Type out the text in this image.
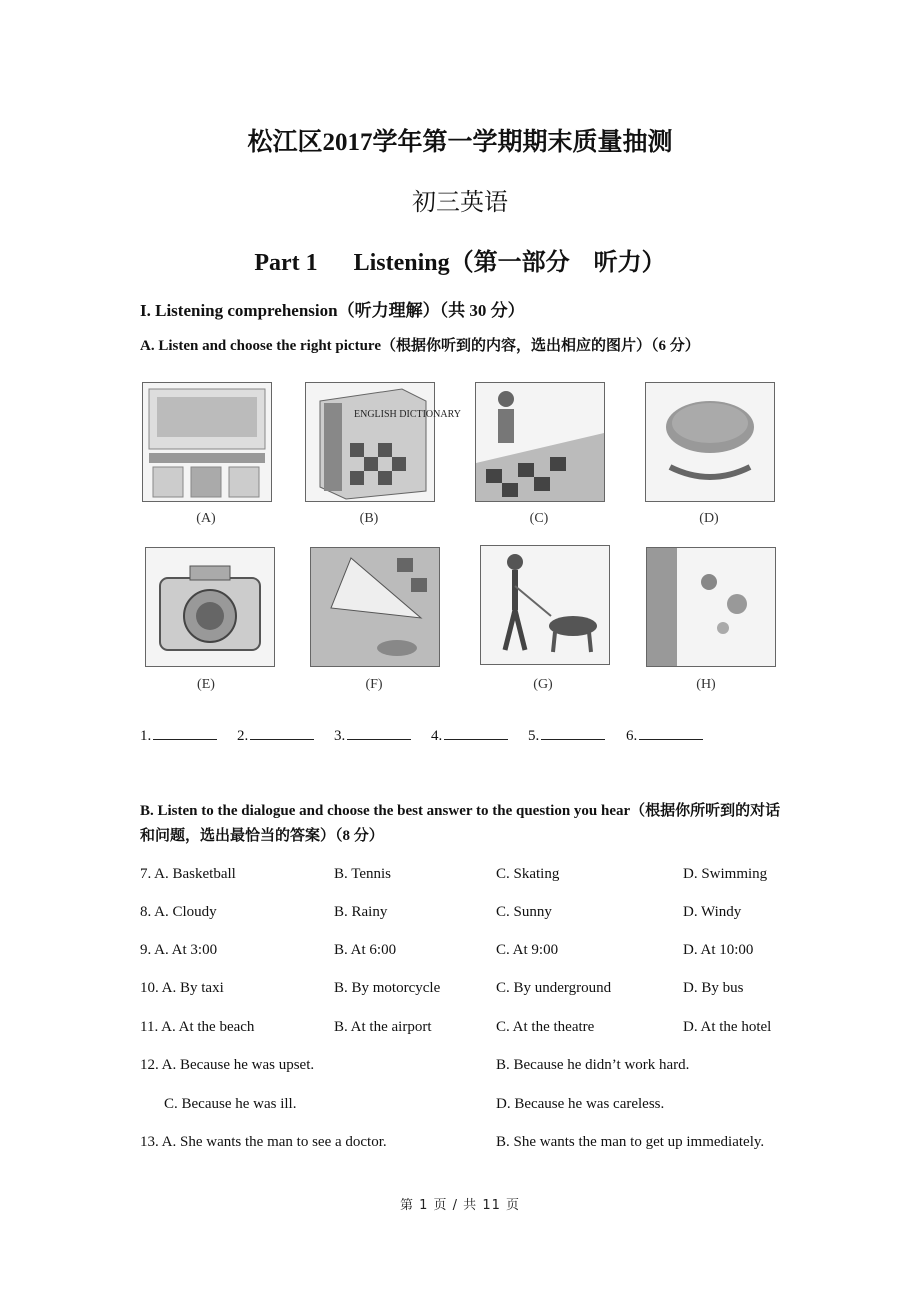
松江区2017学年第一学期期末质量抽测
初三英语
Part 1      Listening（第一部分    听力）
I. Listening comprehension（听力理解）（共 30 分）
A. Listen and choose the right picture（根据你听到的内容，选出相应的图片）（6 分）
ENGLISH DICTIONARY
(A)	(B)	(C)	(D)
(E)	(F)	(G)	(H)
1.	2.	3.	4.	5.	6.
B. Listen to the dialogue and choose the best answer to the question you hear（根据你所听到的对话和问题，选出最恰当的答案）（8 分）
7. A. Basketball	B. Tennis	C. Skating	D. Swimming
8. A. Cloudy	B. Rainy	C. Sunny	D. Windy
9. A. At 3:00	B. At 6:00	C. At 9:00	D. At 10:00
10. A. By taxi	B. By motorcycle	C. By underground	D. By bus
11. A. At the beach	B. At the airport	C. At the theatre	D. At the hotel
12. A. Because he was upset.	B. Because he didn’t work hard.
C. Because he was ill.	D. Because he was careless.
13. A. She wants the man to see a doctor.	B. She wants the man to get up immediately.
第 1 页 / 共 11 页
